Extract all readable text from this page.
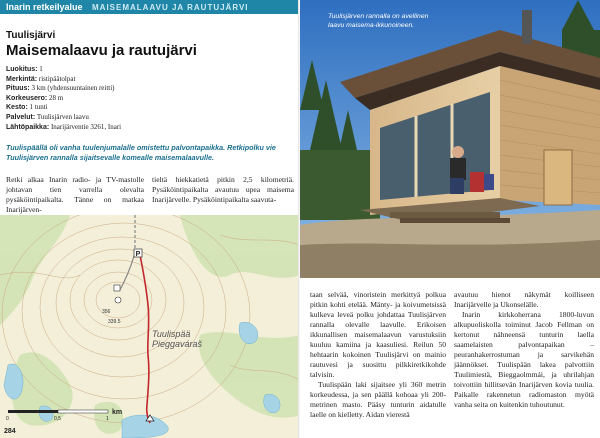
Inarin retkeilyalue	MAISEMALAAVU JA RAUTUJÄRVI
Tuulisjärvi
Maisemalaavu ja rautujärvi
Luokitus: 1
Merkintä: ristipäätolpat
Pituus: 3 km (yhdensuuntainen reitti)
Korkeusero: 28 m
Kesto: 1 tunti
Palvelut: Tuulisjärven laavu
Lähtöpaikka: Inarijärventie 3261, Inari
Tuulispäällä oli vanha tuulenjumalalle omistettu palvontapaikka. Retkipolku vie Tuulisjärven rannalla sijaitsevalle komealle maisemalaavulle.
Retki alkaa Inarin radio- ja TV-mastolle johtavan tien varrella olevalta pysäköintipaikalta. Tänne on matkaa Inarijärven-
tieltä hiekkatietä pitkin 2,5 kilometriä. Pysäköintipaikalta avautuu upea maisema Inarijärvelle. Pysäköintipaikalta saavuta-
P
356
339.5
Tuulispää
Pieggaváraš
0	0,5	1
km
284
Tuulisjärven rannalla on avellinen laavu maisema-ikkunoineen.

taan selvää, vinoristein merkittyä polkua pitkin kohti etelää. Mänty- ja koivumetsissä kulkeva leveä polku johdattaa Tuulisjärven rannalla olevalle laavulle. Erikoisen ikkunallisen maisemalaavun varustuksiin kuuluu kamiina ja kaasuliesi. Reilun 50 hehtaarin kokoinen Tuulisjärvi on mainio rautuvesi ja suosittu pilkkiretkikohde talvisin.

Tuulispään laki sijaitsee yli 360 metrin korkeudessa, ja sen päällä kohoaa yli 200-metrinen masto. Pääsy tunturin aidatulle laelle on kielletty. Aidan vierestä

avautuu hienot näkymät koilliseen Inarijärvelle ja Ukonselälle.

Inarin kirkkoherrana 1800-luvun alkupuoliskolla toiminut Jacob Fellman on kertonut nähneensä tunturin laella saamelaisten palvontapaikan – peuranhakerrostuman ja sarvikehän jäännökset. Tuulispään lakea palvottiin Tuulimiestä, Bieggaolmmái, ja uhrilahjan toivottiin hillitsevän Inarijärven kovia tuulia. Paikalle rakennetun radiomaston myötä vanha seita on kuitenkin tuhoutunut.
